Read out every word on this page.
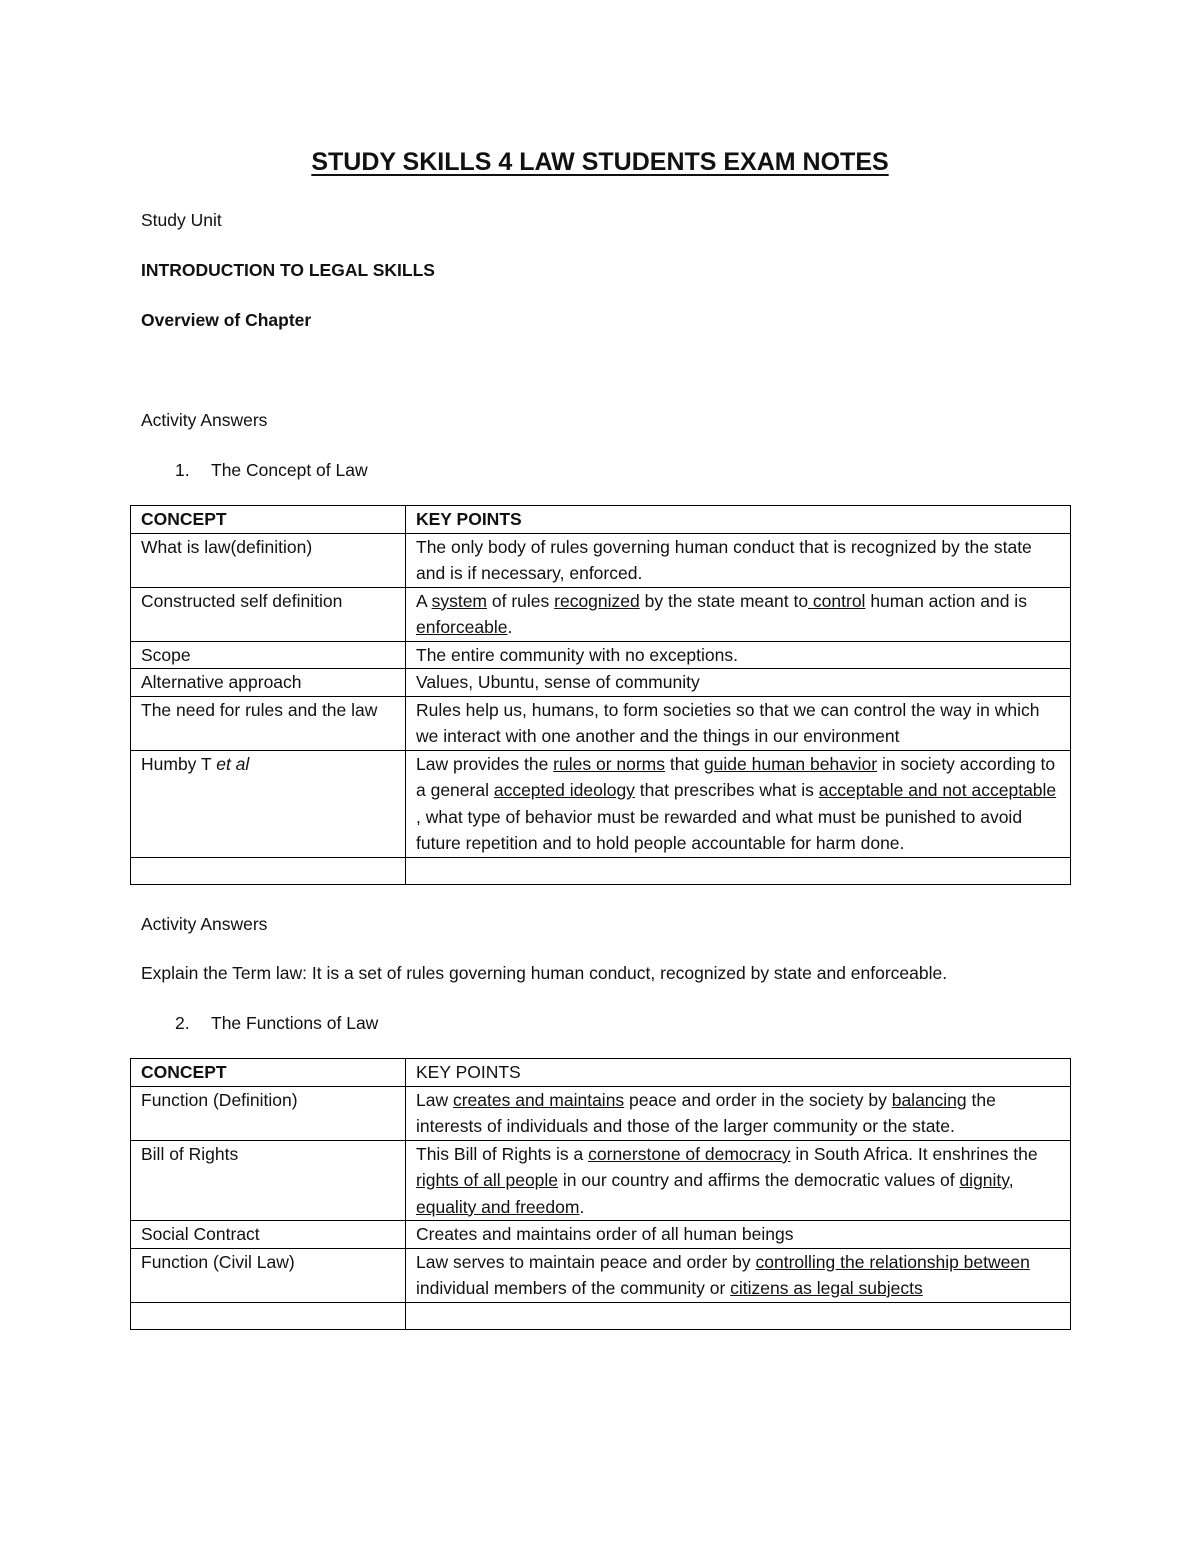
STUDY SKILLS 4 LAW STUDENTS EXAM NOTES
Study Unit
INTRODUCTION TO LEGAL SKILLS
Overview of Chapter
Activity Answers
1. The Concept of Law
CONCEPT	KEY POINTS
What is law(definition)	The only body of rules governing human conduct that is recognized by the state and is if necessary, enforced.
Constructed self definition	A system of rules recognized by the state meant to control human action and is enforceable.
Scope	The entire community with no exceptions.
Alternative approach	Values, Ubuntu, sense of community
The need for rules and the law	Rules help us, humans, to form societies so that we can control the way in which we interact with one another and the things in our environment
Humby T et al	Law provides the rules or norms that guide human behavior in society according to a general accepted ideology that prescribes what is acceptable and not acceptable , what type of behavior must be rewarded and what must be punished to avoid future repetition and to hold people accountable for harm done.

Activity Answers
Explain the Term law: It is a set of rules governing human conduct, recognized by state and enforceable.
2. The Functions of Law
CONCEPT	KEY POINTS
Function (Definition)	Law creates and maintains peace and order in the society by balancing the interests of individuals and those of the larger community or the state.
Bill of Rights	This Bill of Rights is a cornerstone of democracy in South Africa. It enshrines the rights of all people in our country and affirms the democratic values of dignity, equality and freedom.
Social Contract	Creates and maintains order of all human beings
Function (Civil Law)	Law serves to maintain peace and order by controlling the relationship between individual members of the community or citizens as legal subjects
